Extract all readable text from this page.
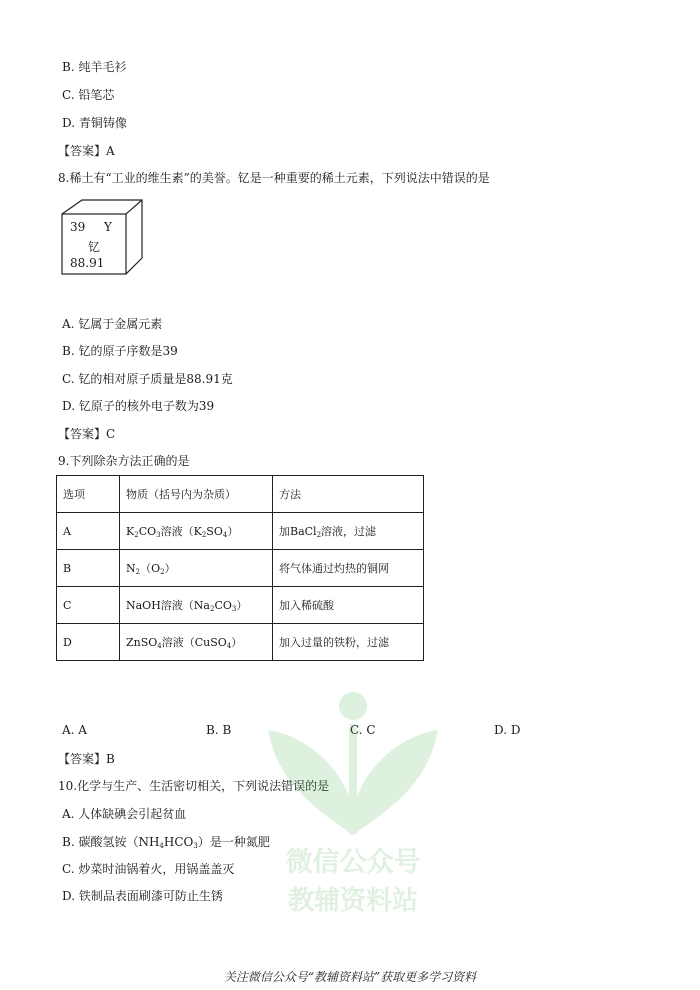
B. 纯羊毛衫
C. 铅笔芯
D. 青铜铸像
【答案】A
8.稀土有“工业的维生素”的美誉。钇是一种重要的稀土元素，下列说法中错误的是
39 Y
钇
88.91
A. 钇属于金属元素
B. 钇的原子序数是39
C. 钇的相对原子质量是88.91克
D. 钇原子的核外电子数为39
【答案】C
9.下列除杂方法正确的是
选项	物质（括号内为杂质）	方法
A	$K_2CO_3$溶液$(K_2SO_4)$	加BaCl$_2$溶液，过滤
B	$N_2(O_2)$	将气体通过灼热的铜网
C	NaOH溶液$(Na_2CO_3)$	加入稀硫酸
D	ZnSO$_4$溶液（CuSO$_4$）	加入过量的铁粉，过滤
A. A	B. B	C. C	D. D
【答案】B
10.化学与生产、生活密切相关，下列说法错误的是
A. 人体缺碘会引起贫血
B. 碳酸氢铵$(NH_4HCO_3)$是一种氮肥
C. 炒菜时油锅着火，用锅盖盖灭
D. 铁制品表面刷漆可防止生锈
微信公众号
教辅资料站
关注微信公众号“教辅资料站”获取更多学习资料
